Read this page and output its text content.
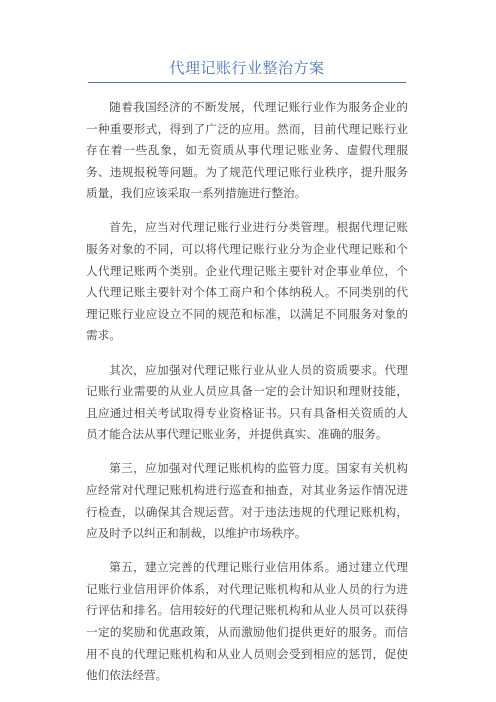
代理记账行业整治方案

随着我国经济的不断发展，代理记账行业作为服务企业的一种重要形式，得到了广泛的应用。然而，目前代理记账行业存在着一些乱象，如无资质从事代理记账业务、虚假代理服务、违规报税等问题。为了规范代理记账行业秩序，提升服务质量，我们应该采取一系列措施进行整治。

首先，应当对代理记账行业进行分类管理。根据代理记账服务对象的不同，可以将代理记账行业分为企业代理记账和个人代理记账两个类别。企业代理记账主要针对企事业单位，个人代理记账主要针对个体工商户和个体纳税人。不同类别的代理记账行业应设立不同的规范和标准，以满足不同服务对象的需求。

其次，应加强对代理记账行业从业人员的资质要求。代理记账行业需要的从业人员应具备一定的会计知识和理财技能，且应通过相关考试取得专业资格证书。只有具备相关资质的人员才能合法从事代理记账业务，并提供真实、准确的服务。

第三，应加强对代理记账机构的监管力度。国家有关机构应经常对代理记账机构进行巡查和抽查，对其业务运作情况进行检查，以确保其合规运营。对于违法违规的代理记账机构，应及时予以纠正和制裁，以维护市场秩序。

第五，建立完善的代理记账行业信用体系。通过建立代理记账行业信用评价体系，对代理记账机构和从业人员的行为进行评估和排名。信用较好的代理记账机构和从业人员可以获得一定的奖励和优惠政策，从而激励他们提供更好的服务。而信用不良的代理记账机构和从业人员则会受到相应的惩罚，促使他们依法经营。
